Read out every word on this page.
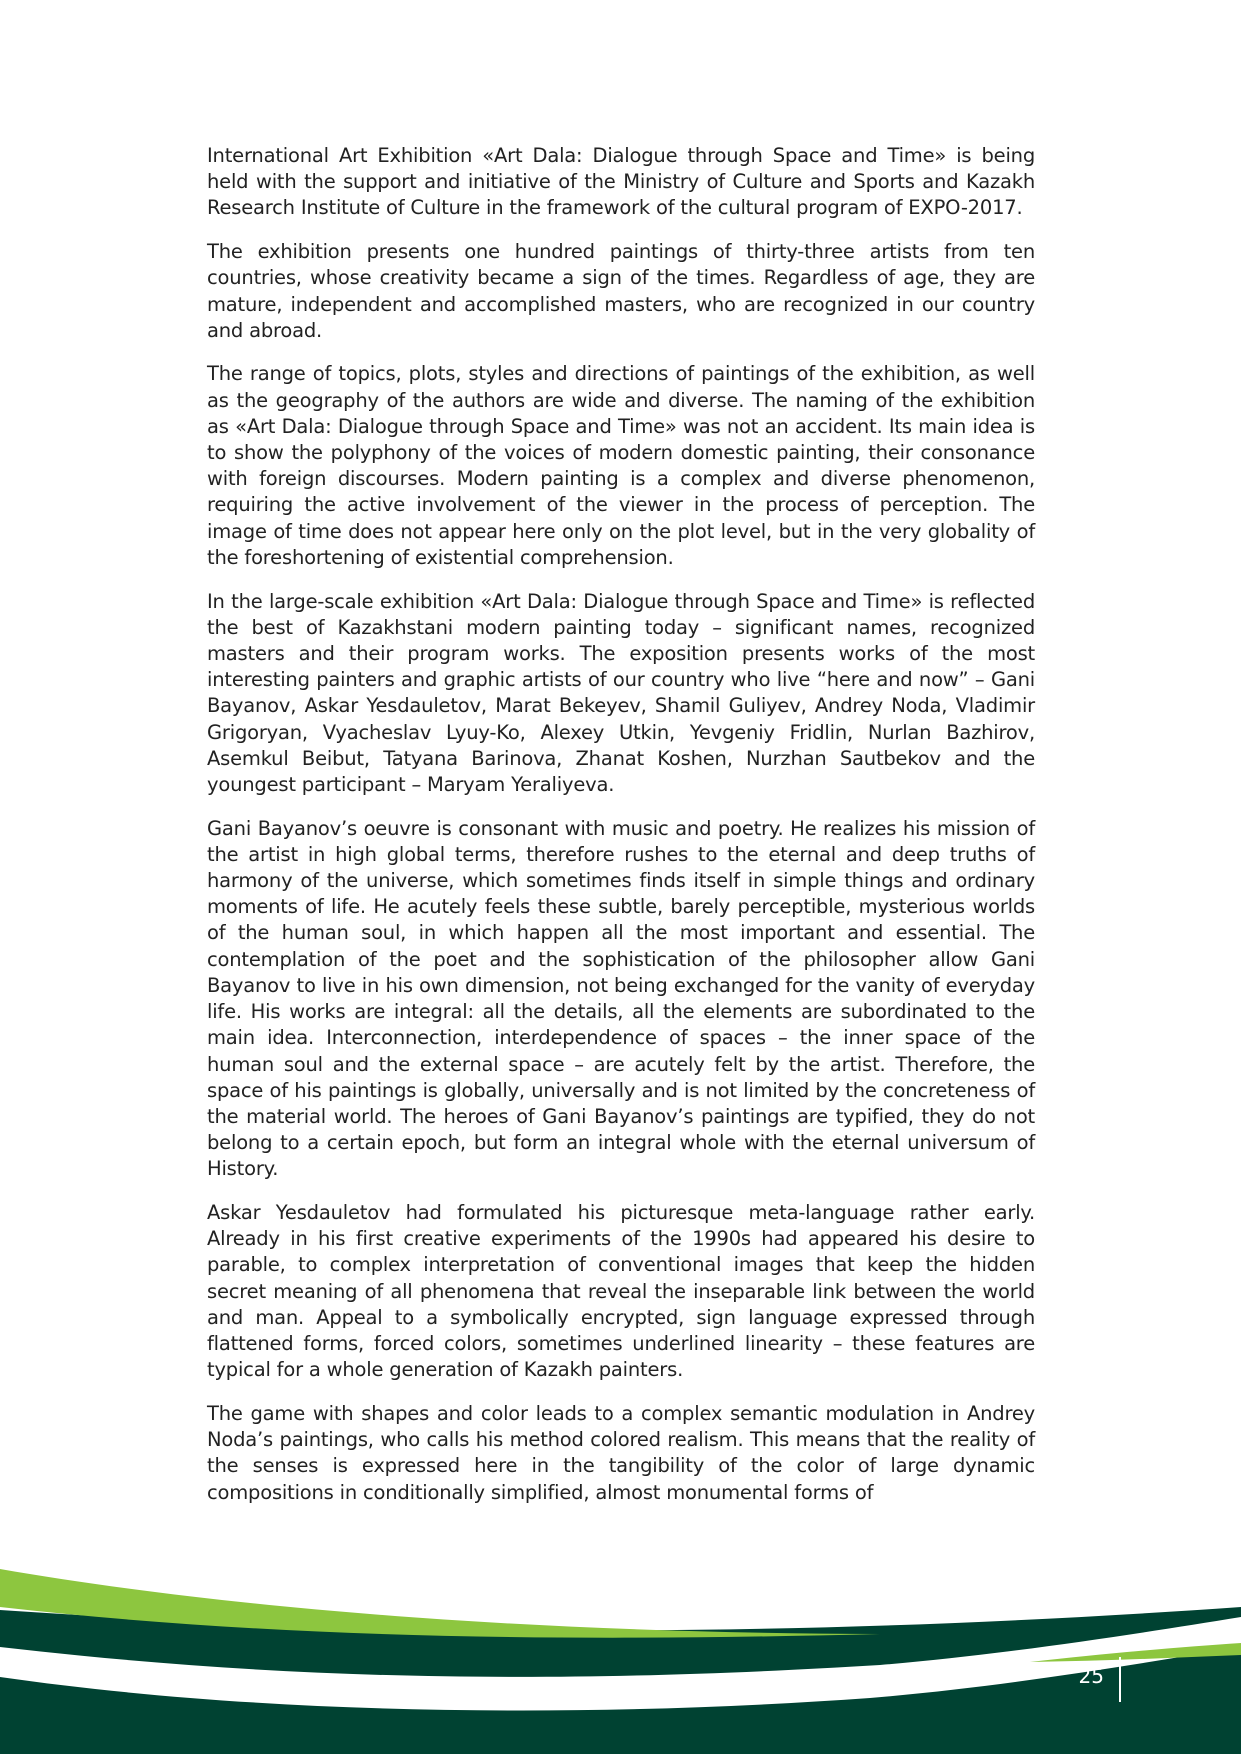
International Art Exhibition «Art Dala: Dialogue through Space and Time» is being held with the support and initiative of the Ministry of Culture and Sports and Kazakh Research Institute of Culture in the framework of the cultural program of EXPO-2017.

The exhibition presents one hundred paintings of thirty-three artists from ten countries, whose creativity became a sign of the times. Regardless of age, they are mature, independent and accomplished masters, who are recognized in our country and abroad.

The range of topics, plots, styles and directions of paintings of the exhibition, as well as the geography of the authors are wide and diverse. The naming of the exhibition as «Art Dala: Dialogue through Space and Time» was not an accident. Its main idea is to show the polyphony of the voices of modern domestic painting, their consonance with foreign discourses. Modern painting is a complex and diverse phenomenon, requiring the active involvement of the viewer in the process of perception. The image of time does not appear here only on the plot level, but in the very globality of the foreshortening of existential comprehension.

In the large-scale exhibition «Art Dala: Dialogue through Space and Time» is reflected the best of Kazakhstani modern painting today – significant names, recognized masters and their program works. The exposition presents works of the most interesting painters and graphic artists of our country who live “here and now” – Gani Bayanov, Askar Yesdauletov, Marat Bekeyev, Shamil Guliyev, Andrey Noda, Vladimir Grigoryan, Vyacheslav Lyuy-Ko, Alexey Utkin, Yevgeniy Fridlin, Nurlan Bazhirov, Asemkul Beibut, Tatyana Barinova, Zhanat Koshen, Nurzhan Sautbekov and the youngest participant – Maryam Yeraliyeva.

Gani Bayanov’s oeuvre is consonant with music and poetry. He realizes his mission of the artist in high global terms, therefore rushes to the eternal and deep truths of harmony of the universe, which sometimes finds itself in simple things and ordinary moments of life. He acutely feels these subtle, barely perceptible, mysterious worlds of the human soul, in which happen all the most important and essential. The contemplation of the poet and the sophistication of the philosopher allow Gani Bayanov to live in his own dimension, not being exchanged for the vanity of everyday life. His works are integral: all the details, all the elements are subordinated to the main idea. Interconnection, interdependence of spaces – the inner space of the human soul and the external space – are acutely felt by the artist. Therefore, the space of his paintings is globally, universally and is not limited by the concreteness of the material world. The heroes of Gani Bayanov’s paintings are typified, they do not belong to a certain epoch, but form an integral whole with the eternal universum of History.

Askar Yesdauletov had formulated his picturesque meta-language rather early. Already in his first creative experiments of the 1990s had appeared his desire to parable, to complex interpretation of conventional images that keep the hidden secret meaning of all phenomena that reveal the inseparable link between the world and man. Appeal to a symbolically encrypted, sign language expressed through flattened forms, forced colors, sometimes underlined linearity – these features are typical for a whole generation of Kazakh painters.

The game with shapes and color leads to a complex semantic modulation in Andrey Noda’s paintings, who calls his method colored realism. This means that the reality of the senses is expressed here in the tangibility of the color of large dynamic compositions in conditionally simplified, almost monumental forms of

25
